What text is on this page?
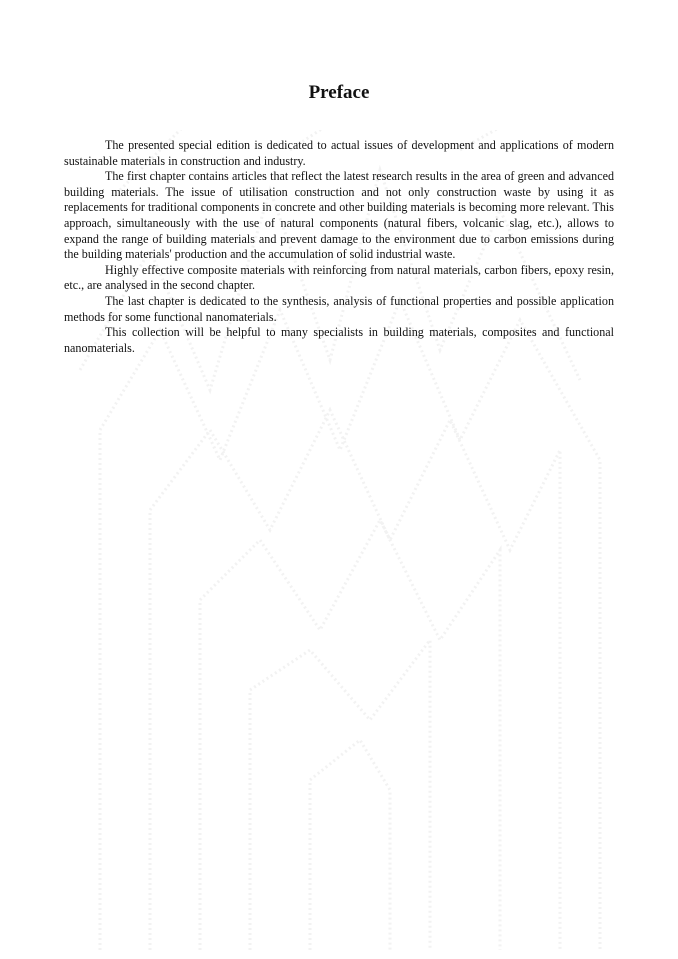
Preface

The presented special edition is dedicated to actual issues of development and applications of modern sustainable materials in construction and industry.

The first chapter contains articles that reflect the latest research results in the area of green and advanced building materials. The issue of utilisation construction and not only construction waste by using it as replacements for traditional components in concrete and other building materials is becoming more relevant. This approach, simultaneously with the use of natural components (natural fibers, volcanic slag, etc.), allows to expand the range of building materials and prevent damage to the environment due to carbon emissions during the building materials' production and the accumulation of solid industrial waste.

Highly effective composite materials with reinforcing from natural materials, carbon fibers, epoxy resin, etc., are analysed in the second chapter.

The last chapter is dedicated to the synthesis, analysis of functional properties and possible application methods for some functional nanomaterials.

This collection will be helpful to many specialists in building materials, composites and functional nanomaterials.
